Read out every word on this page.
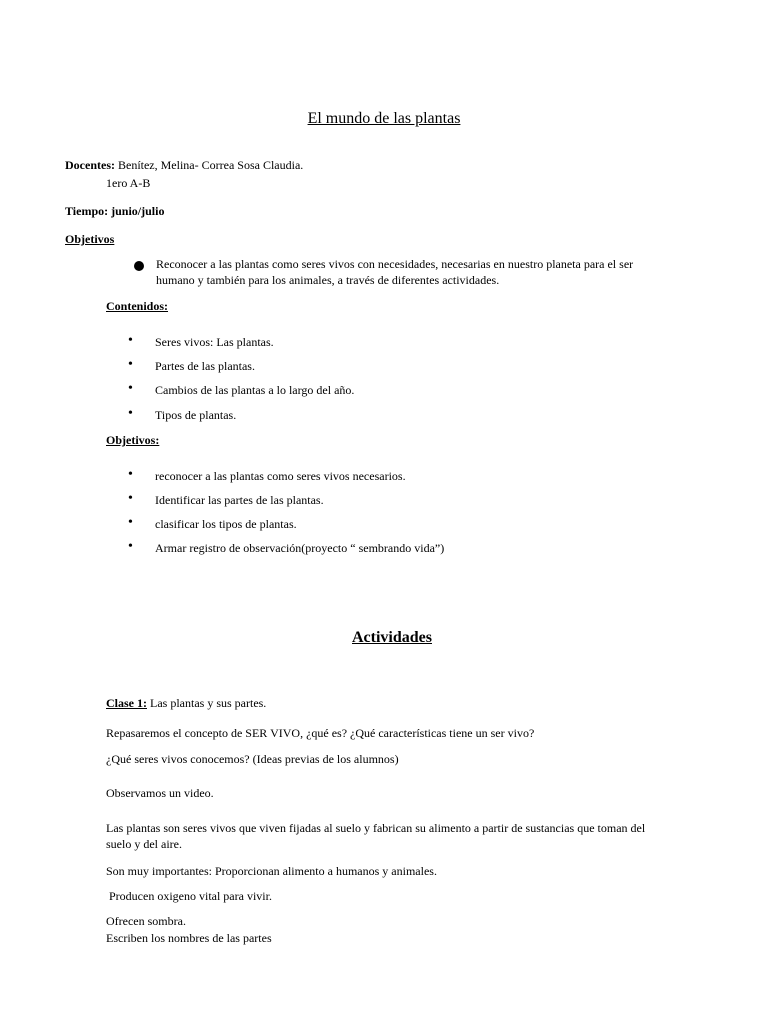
El mundo de las plantas
Docentes: Benítez, Melina- Correa Sosa Claudia.
1ero A-B
Tiempo: junio/julio
Objetivos
Reconocer a las plantas como seres vivos con necesidades, necesarias en nuestro planeta para el ser
humano y también para los animales, a través de diferentes actividades.
Contenidos:
• Seres vivos: Las plantas.
• Partes de las plantas.
• Cambios de las plantas a lo largo del año.
• Tipos de plantas.
Objetivos:
• reconocer a las plantas como seres vivos necesarios.
• Identificar las partes de las plantas.
• clasificar los tipos de plantas.
• Armar registro de observación(proyecto “ sembrando vida”)
Actividades
Clase 1: Las plantas y sus partes.
Repasaremos el concepto de SER VIVO, ¿qué es? ¿Qué características tiene un ser vivo?
¿Qué seres vivos conocemos? (Ideas previas de los alumnos)
Observamos un video.
Las plantas son seres vivos que viven fijadas al suelo y fabrican su alimento a partir de sustancias que toman del
suelo y del aire.
Son muy importantes: Proporcionan alimento a humanos y animales.
Producen oxigeno vital para vivir.
Ofrecen sombra.
Escriben los nombres de las partes
